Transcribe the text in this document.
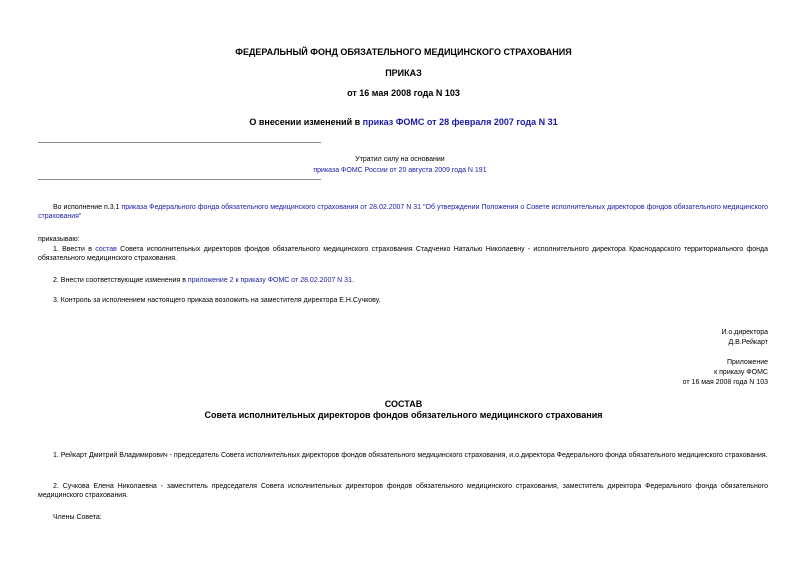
ФЕДЕРАЛЬНЫЙ ФОНД ОБЯЗАТЕЛЬНОГО МЕДИЦИНСКОГО СТРАХОВАНИЯ
ПРИКАЗ
от 16 мая 2008 года N 103
О внесении изменений в приказ ФОМС от 28 февраля 2007 года N 31
Утратил силу на основании
приказа ФОМС России от 20 августа 2009 года N 191
Во исполнение п.3.1 приказа Федерального фонда обязательного медицинского страхования от 28.02.2007 N 31 "Об утверждении Положения о Совете исполнительных директоров фондов обязательного медицинского страхования"
приказываю:
1. Ввести в состав Совета исполнительных директоров фондов обязательного медицинского страхования Стадченко Наталью Николаевну - исполнительного директора Краснодарского территориального фонда обязательного медицинского страхования.
2. Внести соответствующие изменения в приложение 2 к приказу ФОМС от 28.02.2007 N 31.
3. Контроль за исполнением настоящего приказа возложить на заместителя директора Е.Н.Сучкову.
И.о.директора
Д.В.Рейкарт
Приложение
к приказу ФОМС
от 16 мая 2008 года N 103
СОСТАВ
Совета исполнительных директоров фондов обязательного медицинского страхования
1. Рейкарт Дмитрий Владимирович - председатель Совета исполнительных директоров фондов обязательного медицинского страхования, и.о.директора Федерального фонда обязательного медицинского страхования.
2. Сучкова Елена Николаевна - заместитель председателя Совета исполнительных директоров фондов обязательного медицинского страхования, заместитель директора Федерального фонда обязательного медицинского страхования.
Члены Совета:
